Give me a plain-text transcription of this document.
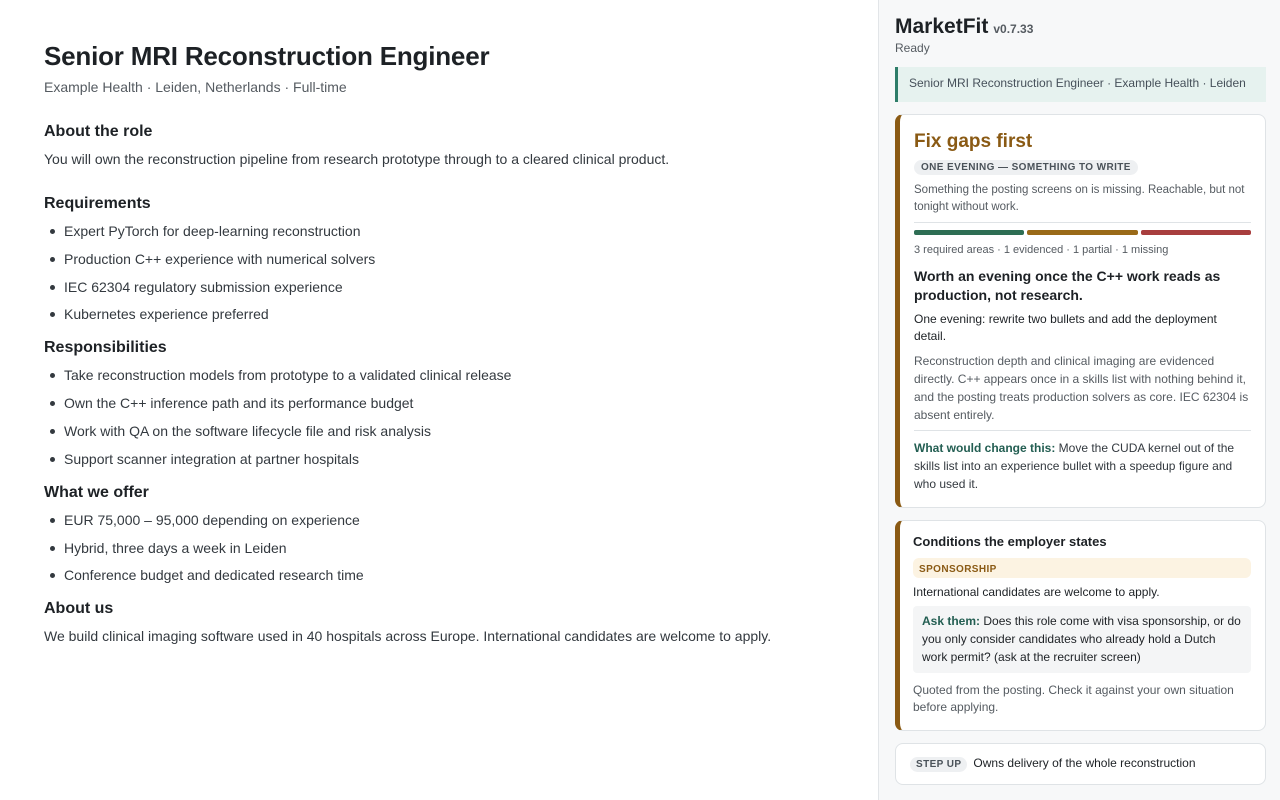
Senior MRI Reconstruction Engineer
Example Health · Leiden, Netherlands · Full-time
About the role

You will own the reconstruction pipeline from research prototype through to a cleared clinical product.

Requirements
Expert PyTorch for deep-learning reconstruction
Production C++ experience with numerical solvers
IEC 62304 regulatory submission experience
Kubernetes experience preferred
Responsibilities
Take reconstruction models from prototype to a validated clinical release
Own the C++ inference path and its performance budget
Work with QA on the software lifecycle file and risk analysis
Support scanner integration at partner hospitals
What we offer
EUR 75,000 – 95,000 depending on experience
Hybrid, three days a week in Leiden
Conference budget and dedicated research time
About us

We build clinical imaging software used in 40 hospitals across Europe. International candidates are welcome to apply.

MarketFit v0.7.33
Ready
Senior MRI Reconstruction Engineer · Example Health · Leiden
Fix gaps first
ONE EVENING — SOMETHING TO WRITE
Something the posting screens on is missing. Reachable, but not tonight without work.
3 required areas · 1 evidenced · 1 partial · 1 missing
Worth an evening once the C++ work reads as production, not research.
One evening: rewrite two bullets and add the deployment detail.
Reconstruction depth and clinical imaging are evidenced directly. C++ appears once in a skills list with nothing behind it, and the posting treats production solvers as core. IEC 62304 is absent entirely.
What would change this: Move the CUDA kernel out of the skills list into an experience bullet with a speedup figure and who used it.
Conditions the employer states
SPONSORSHIP
International candidates are welcome to apply.
Ask them: Does this role come with visa sponsorship, or do you only consider candidates who already hold a Dutch work permit? (ask at the recruiter screen)
Quoted from the posting. Check it against your own situation before applying.
STEP UP	Owns delivery of the whole reconstruction
